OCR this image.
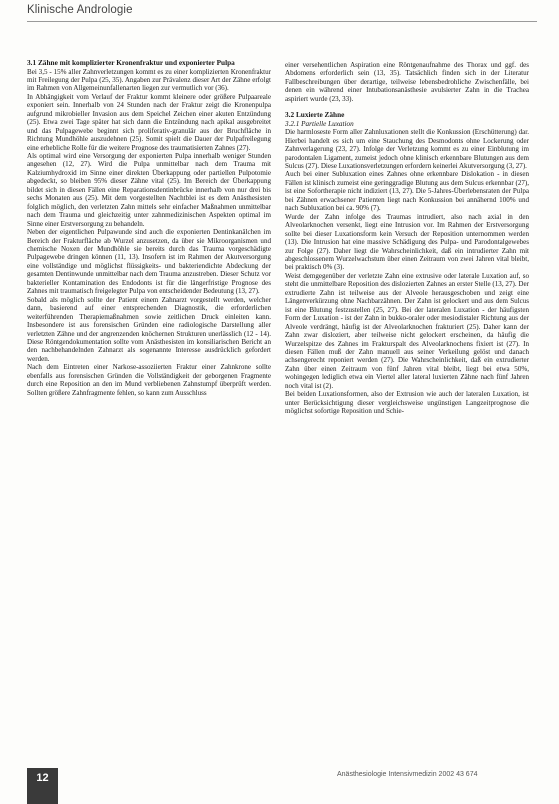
Klinische Andrologie
3.1 Zähne mit komplizierter Kronenfraktur und exponierter Pulpa

Bei 3,5 - 15% aller Zahnverletzungen kommt es zu einer komplizierten Kronenfraktur mit Freilegung der Pulpa (25, 35). Angaben zur Prävalenz dieser Art der Zähne erfolgt im Rahmen von Allgemeinunfallenarten liegen zur vermutlich vor (36).

In Abhängigkeit vom Verlauf der Fraktur kommt kleinere oder größere Pulpaareale exponiert sein. Innerhalb von 24 Stunden nach der Fraktur zeigt die Kronenpulpa aufgrund mikrobieller Invasion aus dem Speichel Zeichen einer akuten Entzündung (25). Etwa zwei Tage später hat sich dann die Entzündung nach apikal ausgebreitet und das Pulpagewebe beginnt sich proliferativ-granulär aus der Bruchfläche in Richtung Mundhöhle auszudehnen (25). Somit spielt die Dauer der Pulpafreilegung eine erhebliche Rolle für die weitere Prognose des traumatisierten Zahnes (27).

Als optimal wird eine Versorgung der exponierten Pulpa innerhalb weniger Stunden angesehen (12, 27). Wird die Pulpa unmittelbar nach dem Trauma mit Kalziumhydroxid im Sinne einer direkten Überkappung oder partiellen Pulpotomie abgedeckt, so bleiben 95% dieser Zähne vital (25). Im Bereich der Überkappung bildet sich in diesen Fällen eine Reparationsdentinbrücke innerhalb von nur drei bis sechs Monaten aus (25). Mit dem vorgestellten Nachtblei ist es dem Anästhesisten folglich möglich, den verletzten Zahn mittels sehr einfacher Maßnahmen unmittelbar nach dem Trauma und gleichzeitig unter zahnmedizinischen Aspekten optimal im Sinne einer Erstversorgung zu behandeln.

Neben der eigentlichen Pulpawunde sind auch die exponierten Dentinkanälchen im Bereich der Frakturfläche ab Wurzel anzusetzen, da über sie Mikroorganismen und chemische Noxen der Mundhöhle sie bereits durch das Trauma vorgeschädigte Pulpagewebe dringen können (11, 13). Insofern ist im Rahmen der Akutversorgung eine vollständige und möglichst flüssigkeits- und bakteriendichte Abdeckung der gesamten Dentinwunde unmittelbar nach dem Trauma anzustreben. Dieser Schutz vor bakterieller Kontamination des Endodonts ist für die längerfristige Prognose des Zahnes mit traumatisch freigelegter Pulpa von entscheidender Bedeutung (13, 27).

Sobald als möglich sollte der Patient einem Zahnarzt vorgestellt werden, welcher dann, basierend auf einer entsprechenden Diagnostik, die erforderlichen weiterführenden Therapiemaßnahmen sowie zeitlichen Druck einleiten kann. Insbesondere ist aus forensischen Gründen eine radiologische Darstellung aller verletzten Zähne und der angrenzenden knöchernen Strukturen unerlässlich (12 - 14). Diese Röntgendokumentation sollte vom Anästhesisten im konsiliarischen Bericht an den nachbehandelnden Zahnarzt als sogenannte Interesse ausdrücklich gefordert werden.

Nach dem Eintreten einer Narkose-assoziierten Fraktur einer Zahnkrone sollte ebenfalls aus forensischen Gründen die Vollständigkeit der geborgenen Fragmente durch eine Reposition an den im Mund verbliebenen Zahnstumpf überprüft werden. Sollten größere Zahnfragmente fehlen, so kann zum Ausschluss

einer versehentlichen Aspiration eine Röntgenaufnahme des Thorax und ggf. des Abdomens erforderlich sein (13, 35). Tatsächlich finden sich in der Literatur Fallbeschreibungen über derartige, teilweise lebensbedrohliche Zwischenfälle, bei denen ein während einer Intubationsanästhesie avulsierter Zahn in die Trachea aspiriert wurde (23, 33).

3.2 Luxierte Zähne
3.2.1 Partielle Luxation

Die harmloseste Form aller Zahnluxationen stellt die Konkussion (Erschütterung) dar. Hierbei handelt es sich um eine Stauchung des Desmodonts ohne Lockerung oder Zahnverlagerung (23, 27). Infolge der Verletzung kommt es zu einer Einblutung im parodontalen Ligament, zumeist jedoch ohne klinisch erkennbare Blutungen aus dem Sulcus (27). Diese Luxationsverletzungen erfordern keinerlei Akutversorgung (3, 27).

Auch bei einer Subluxation eines Zahnes ohne erkennbare Dislokation - in diesen Fällen ist klinisch zumeist eine geringgradige Blutung aus dem Sulcus erkennbar (27), ist eine Sofortherapie nicht indiziert (13, 27). Die 5-Jahres-Überlebensraten der Pulpa bei Zähnen erwachsener Patienten liegt nach Konkussion bei annähernd 100% und nach Subluxation bei ca. 90% (7).

Wurde der Zahn infolge des Traumas intrudiert, also nach axial in den Alveolarknochen versenkt, liegt eine Intrusion vor. Im Rahmen der Erstversorgung sollte bei dieser Luxationsform kein Versuch der Reposition unternommen werden (13). Die Intrusion hat eine massive Schädigung des Pulpa- und Parodontalgewebes zur Folge (27). Daher liegt die Wahrscheinlichkeit, daß ein intrudierter Zahn mit abgeschlossenem Wurzelwachstum über einen Zeitraum von zwei Jahren vital bleibt, bei praktisch 0% (3).

Weist demgegenüber der verletzte Zahn eine extrusive oder laterale Luxation auf, so steht die unmittelbare Reposition des dislozierten Zahnes an erster Stelle (13, 27). Der extrudierte Zahn ist teilweise aus der Alveole herausgeschoben und zeigt eine Längenverkürzung ohne Nachbarzähnen. Der Zahn ist gelockert und aus dem Sulcus ist eine Blutung festzustellen (25, 27). Bei der lateralen Luxation - der häufigsten Form der Luxation - ist der Zahn in bukko-oraler oder mesiodistaler Richtung aus der Alveole verdrängt, häufig ist der Alveolarknochen frakturiert (25). Daher kann der Zahn zwar disloziert, aber teilweise nicht gelockert erscheinen, da häufig die Wurzelspitze des Zahnes im Frakturspalt des Alveolarknochens fixiert ist (27). In diesen Fällen muß der Zahn manuell aus seiner Verkeilung gelöst und danach achsengerecht reponiert werden (27). Die Wahrscheinlichkeit, daß ein extrudierter Zahn über einen Zeitraum von fünf Jahren vital bleibt, liegt bei etwa 50%, wohingegen lediglich etwa ein Viertel aller lateral luxierten Zähne nach fünf Jahren noch vital ist (2).

Bei beiden Luxationsformen, also der Extrusion wie auch der lateralen Luxation, ist unter Berücksichtigung dieser vergleichsweise ungünstigen Langzeitprognose die möglichst sofortige Reposition und Schie-

12	Anästhesiologie Intensivmedizin 2002 43 674
